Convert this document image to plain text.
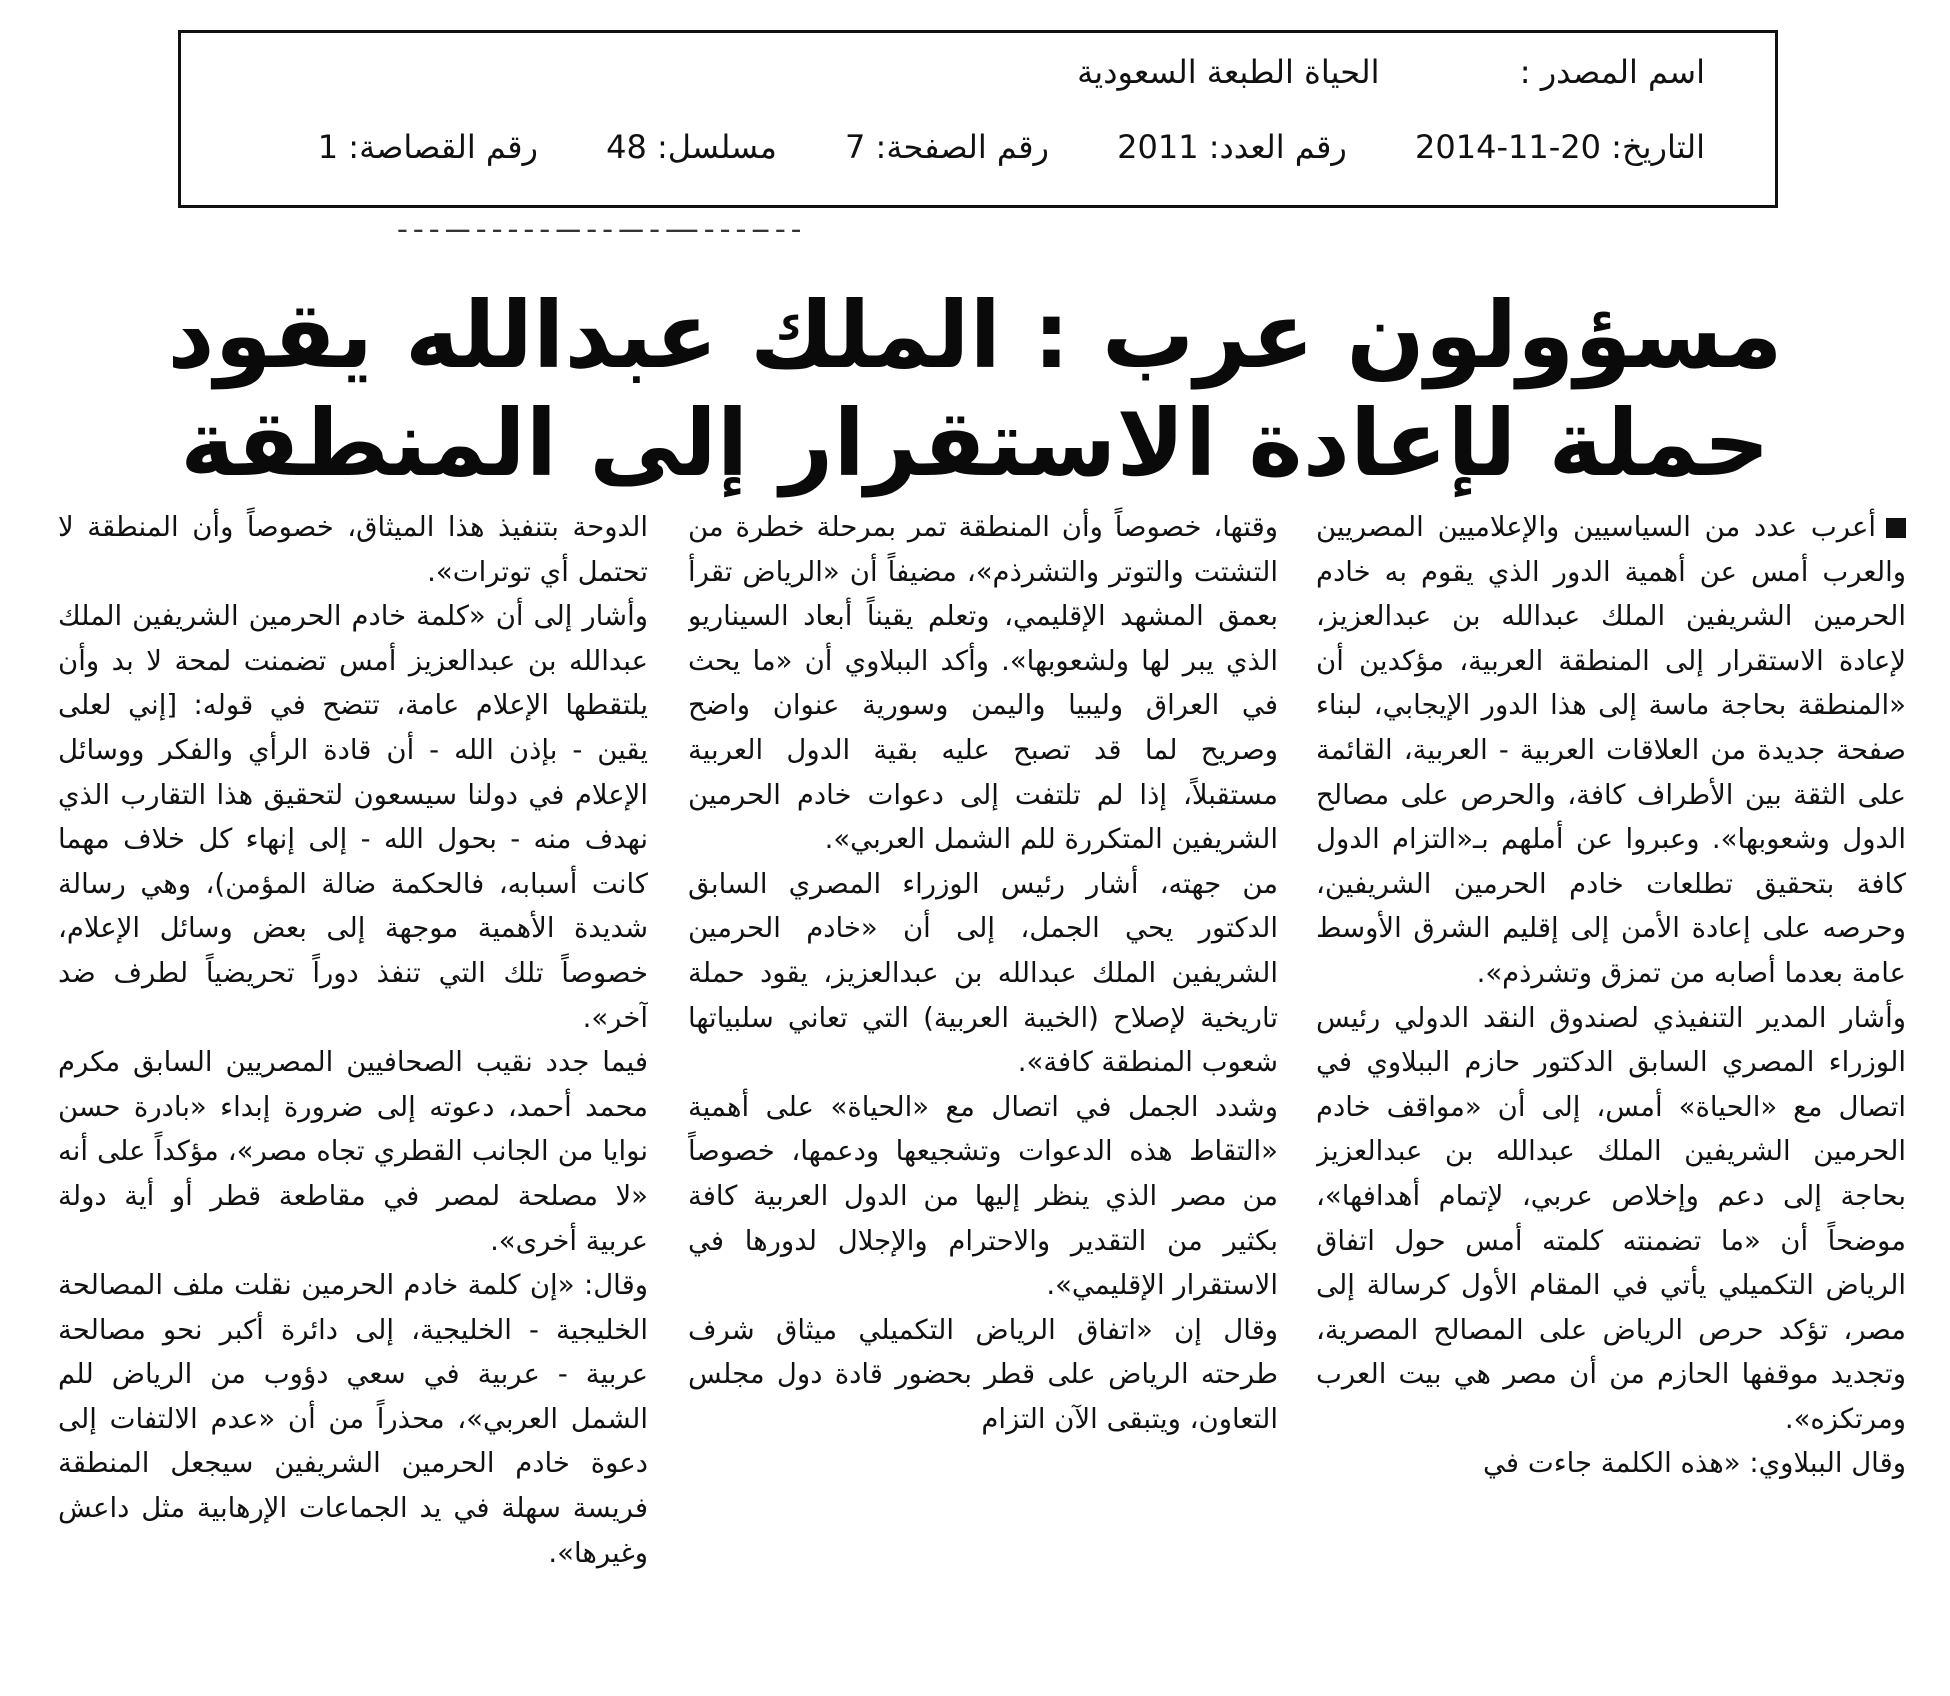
اسم المصدر : الحياة الطبعة السعودية
التاريخ: 20-11-2014 رقم العدد: 2011 رقم الصفحة: 7 مسلسل: 48 رقم القصاصة: 1
ـ ـ ــ ـ ـ ـ ــــ ـ ـــ ـ ـ ـــ ـ ـ ـ ـ ـ ـــ ـ ـ ـ
مسؤولون عرب : الملك عبدالله يقود
حملة لإعادة الاستقرار إلى المنطقة

أعرب عدد من السياسيين والإعلاميين المصريين والعرب أمس عن أهمية الدور الذي يقوم به خادم الحرمين الشريفين الملك عبدالله بن عبدالعزيز، لإعادة الاستقرار إلى المنطقة العربية، مؤكدين أن «المنطقة بحاجة ماسة إلى هذا الدور الإيجابي، لبناء صفحة جديدة من العلاقات العربية - العربية، القائمة على الثقة بين الأطراف كافة، والحرص على مصالح الدول وشعوبها». وعبروا عن أملهم بـ«التزام الدول كافة بتحقيق تطلعات خادم الحرمين الشريفين، وحرصه على إعادة الأمن إلى إقليم الشرق الأوسط عامة بعدما أصابه من تمزق وتشرذم».

وأشار المدير التنفيذي لصندوق النقد الدولي رئيس الوزراء المصري السابق الدكتور حازم الببلاوي في اتصال مع «الحياة» أمس، إلى أن «مواقف خادم الحرمين الشريفين الملك عبدالله بن عبدالعزيز بحاجة إلى دعم وإخلاص عربي، لإتمام أهدافها»، موضحاً أن «ما تضمنته كلمته أمس حول اتفاق الرياض التكميلي يأتي في المقام الأول كرسالة إلى مصر، تؤكد حرص الرياض على المصالح المصرية، وتجديد موقفها الحازم من أن مصر هي بيت العرب ومرتكزه».

وقال الببلاوي: «هذه الكلمة جاءت في

وقتها، خصوصاً وأن المنطقة تمر بمرحلة خطرة من التشتت والتوتر والتشرذم»، مضيفاً أن «الرياض تقرأ بعمق المشهد الإقليمي، وتعلم يقيناً أبعاد السيناريو الذي يبر لها ولشعوبها». وأكد الببلاوي أن «ما يحث في العراق وليبيا واليمن وسورية عنوان واضح وصريح لما قد تصبح عليه بقية الدول العربية مستقبلاً، إذا لم تلتفت إلى دعوات خادم الحرمين الشريفين المتكررة للم الشمل العربي».

من جهته، أشار رئيس الوزراء المصري السابق الدكتور يحي الجمل، إلى أن «خادم الحرمين الشريفين الملك عبدالله بن عبدالعزيز، يقود حملة تاريخية لإصلاح (الخيبة العربية) التي تعاني سلبياتها شعوب المنطقة كافة».

وشدد الجمل في اتصال مع «الحياة» على أهمية «التقاط هذه الدعوات وتشجيعها ودعمها، خصوصاً من مصر الذي ينظر إليها من الدول العربية كافة بكثير من التقدير والاحترام والإجلال لدورها في الاستقرار الإقليمي».

وقال إن «اتفاق الرياض التكميلي ميثاق شرف طرحته الرياض على قطر بحضور قادة دول مجلس التعاون، ويتبقى الآن التزام

الدوحة بتنفيذ هذا الميثاق، خصوصاً وأن المنطقة لا تحتمل أي توترات».

وأشار إلى أن «كلمة خادم الحرمين الشريفين الملك عبدالله بن عبدالعزيز أمس تضمنت لمحة لا بد وأن يلتقطها الإعلام عامة، تتضح في قوله: [إني لعلى يقين - بإذن الله - أن قادة الرأي والفكر ووسائل الإعلام في دولنا سيسعون لتحقيق هذا التقارب الذي نهدف منه - بحول الله - إلى إنهاء كل خلاف مهما كانت أسبابه، فالحكمة ضالة المؤمن)، وهي رسالة شديدة الأهمية موجهة إلى بعض وسائل الإعلام، خصوصاً تلك التي تنفذ دوراً تحريضياً لطرف ضد آخر».

فيما جدد نقيب الصحافيين المصريين السابق مكرم محمد أحمد، دعوته إلى ضرورة إبداء «بادرة حسن نوايا من الجانب القطري تجاه مصر»، مؤكداً على أنه «لا مصلحة لمصر في مقاطعة قطر أو أية دولة عربية أخرى».

وقال: «إن كلمة خادم الحرمين نقلت ملف المصالحة الخليجية - الخليجية، إلى دائرة أكبر نحو مصالحة عربية - عربية في سعي دؤوب من الرياض للم الشمل العربي»، محذراً من أن «عدم الالتفات إلى دعوة خادم الحرمين الشريفين سيجعل المنطقة فريسة سهلة في يد الجماعات الإرهابية مثل داعش وغيرها».
